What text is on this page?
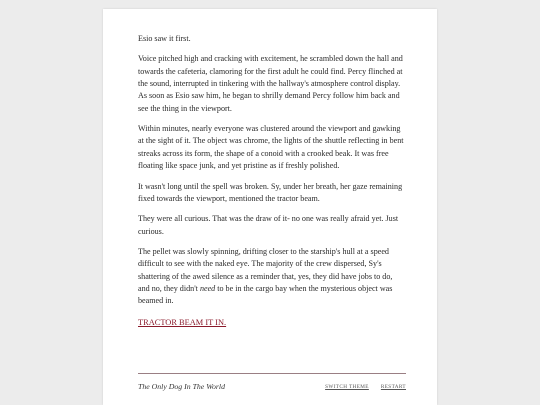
Esio saw it first.

Voice pitched high and cracking with excitement, he scrambled down the hall and towards the cafeteria, clamoring for the first adult he could find. Percy flinched at the sound, interrupted in tinkering with the hallway's atmosphere control display. As soon as Esio saw him, he began to shrilly demand Percy follow him back and see the thing in the viewport.

Within minutes, nearly everyone was clustered around the viewport and gawking at the sight of it. The object was chrome, the lights of the shuttle reflecting in bent streaks across its form, the shape of a conoid with a crooked beak. It was free floating like space junk, and yet pristine as if freshly polished.

It wasn't long until the spell was broken. Sy, under her breath, her gaze remaining fixed towards the viewport, mentioned the tractor beam.

They were all curious. That was the draw of it- no one was really afraid yet. Just curious.

The pellet was slowly spinning, drifting closer to the starship's hull at a speed difficult to see with the naked eye. The majority of the crew dispersed, Sy's shattering of the awed silence as a reminder that, yes, they did have jobs to do, and no, they didn't need to be in the cargo bay when the mysterious object was beamed in.

TRACTOR BEAM IT IN.
The Only Dog In The World	SWITCH THEME RESTART
